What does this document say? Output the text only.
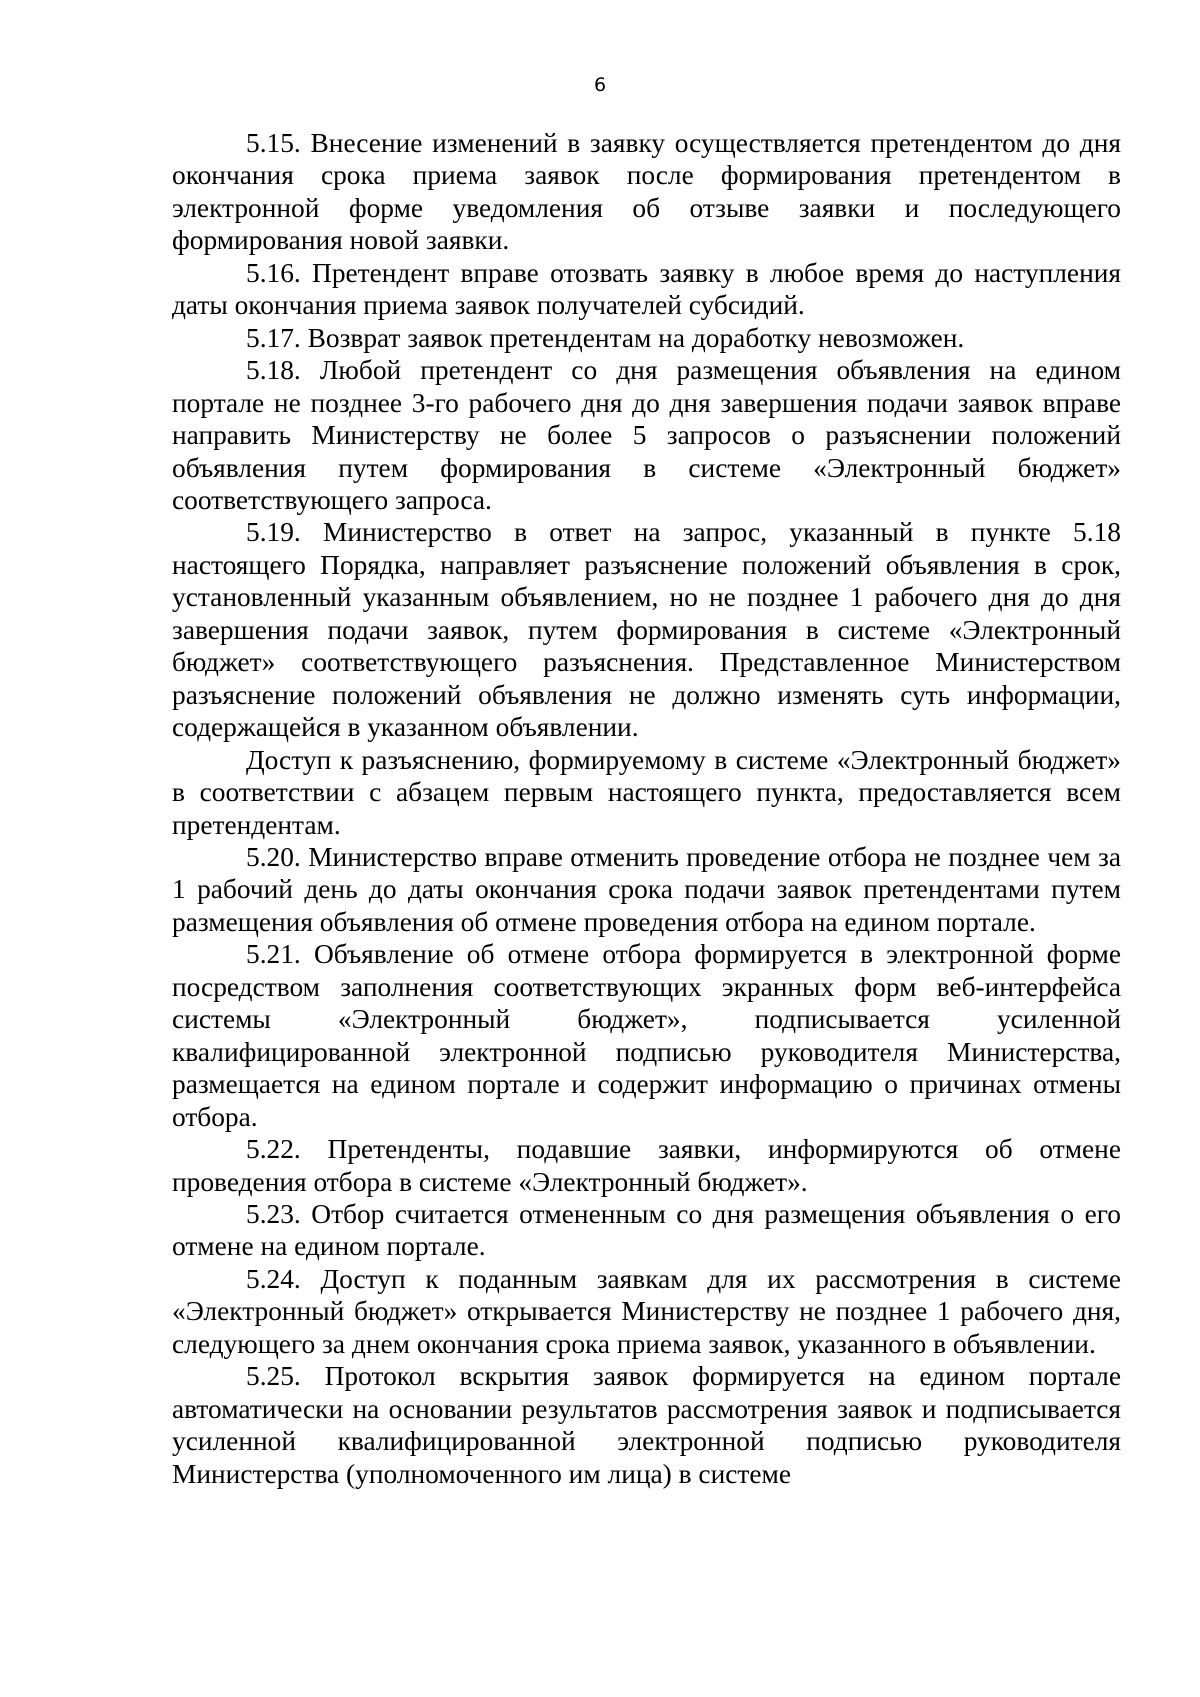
6

5.15. Внесение изменений в заявку осуществляется претендентом до дня окончания срока приема заявок после формирования претендентом в электронной форме уведомления об отзыве заявки и последующего формирования новой заявки.

5.16. Претендент вправе отозвать заявку в любое время до наступления даты окончания приема заявок получателей субсидий.

5.17. Возврат заявок претендентам на доработку невозможен.

5.18. Любой претендент со дня размещения объявления на едином портале не позднее 3-го рабочего дня до дня завершения подачи заявок вправе направить Министерству не более 5 запросов о разъяснении положений объявления путем формирования в системе «Электронный бюджет» соответствующего запроса.

5.19. Министерство в ответ на запрос, указанный в пункте 5.18 настоящего Порядка, направляет разъяснение положений объявления в срок, установленный указанным объявлением, но не позднее 1 рабочего дня до дня завершения подачи заявок, путем формирования в системе «Электронный бюджет» соответствующего разъяснения. Представленное Министерством разъяснение положений объявления не должно изменять суть информации, содержащейся в указанном объявлении.

Доступ к разъяснению, формируемому в системе «Электронный бюджет» в соответствии с абзацем первым настоящего пункта, предоставляется всем претендентам.

5.20. Министерство вправе отменить проведение отбора не позднее чем за 1 рабочий день до даты окончания срока подачи заявок претендентами путем размещения объявления об отмене проведения отбора на едином портале.

5.21. Объявление об отмене отбора формируется в электронной форме посредством заполнения соответствующих экранных форм веб-интерфейса системы «Электронный бюджет», подписывается усиленной квалифицированной электронной подписью руководителя Министерства, размещается на едином портале и содержит информацию о причинах отмены отбора.

5.22. Претенденты, подавшие заявки, информируются об отмене проведения отбора в системе «Электронный бюджет».

5.23. Отбор считается отмененным со дня размещения объявления о его отмене на едином портале.

5.24. Доступ к поданным заявкам для их рассмотрения в системе «Электронный бюджет» открывается Министерству не позднее 1 рабочего дня, следующего за днем окончания срока приема заявок, указанного в объявлении.

5.25. Протокол вскрытия заявок формируется на едином портале автоматически на основании результатов рассмотрения заявок и подписывается усиленной квалифицированной электронной подписью руководителя Министерства (уполномоченного им лица) в системе
